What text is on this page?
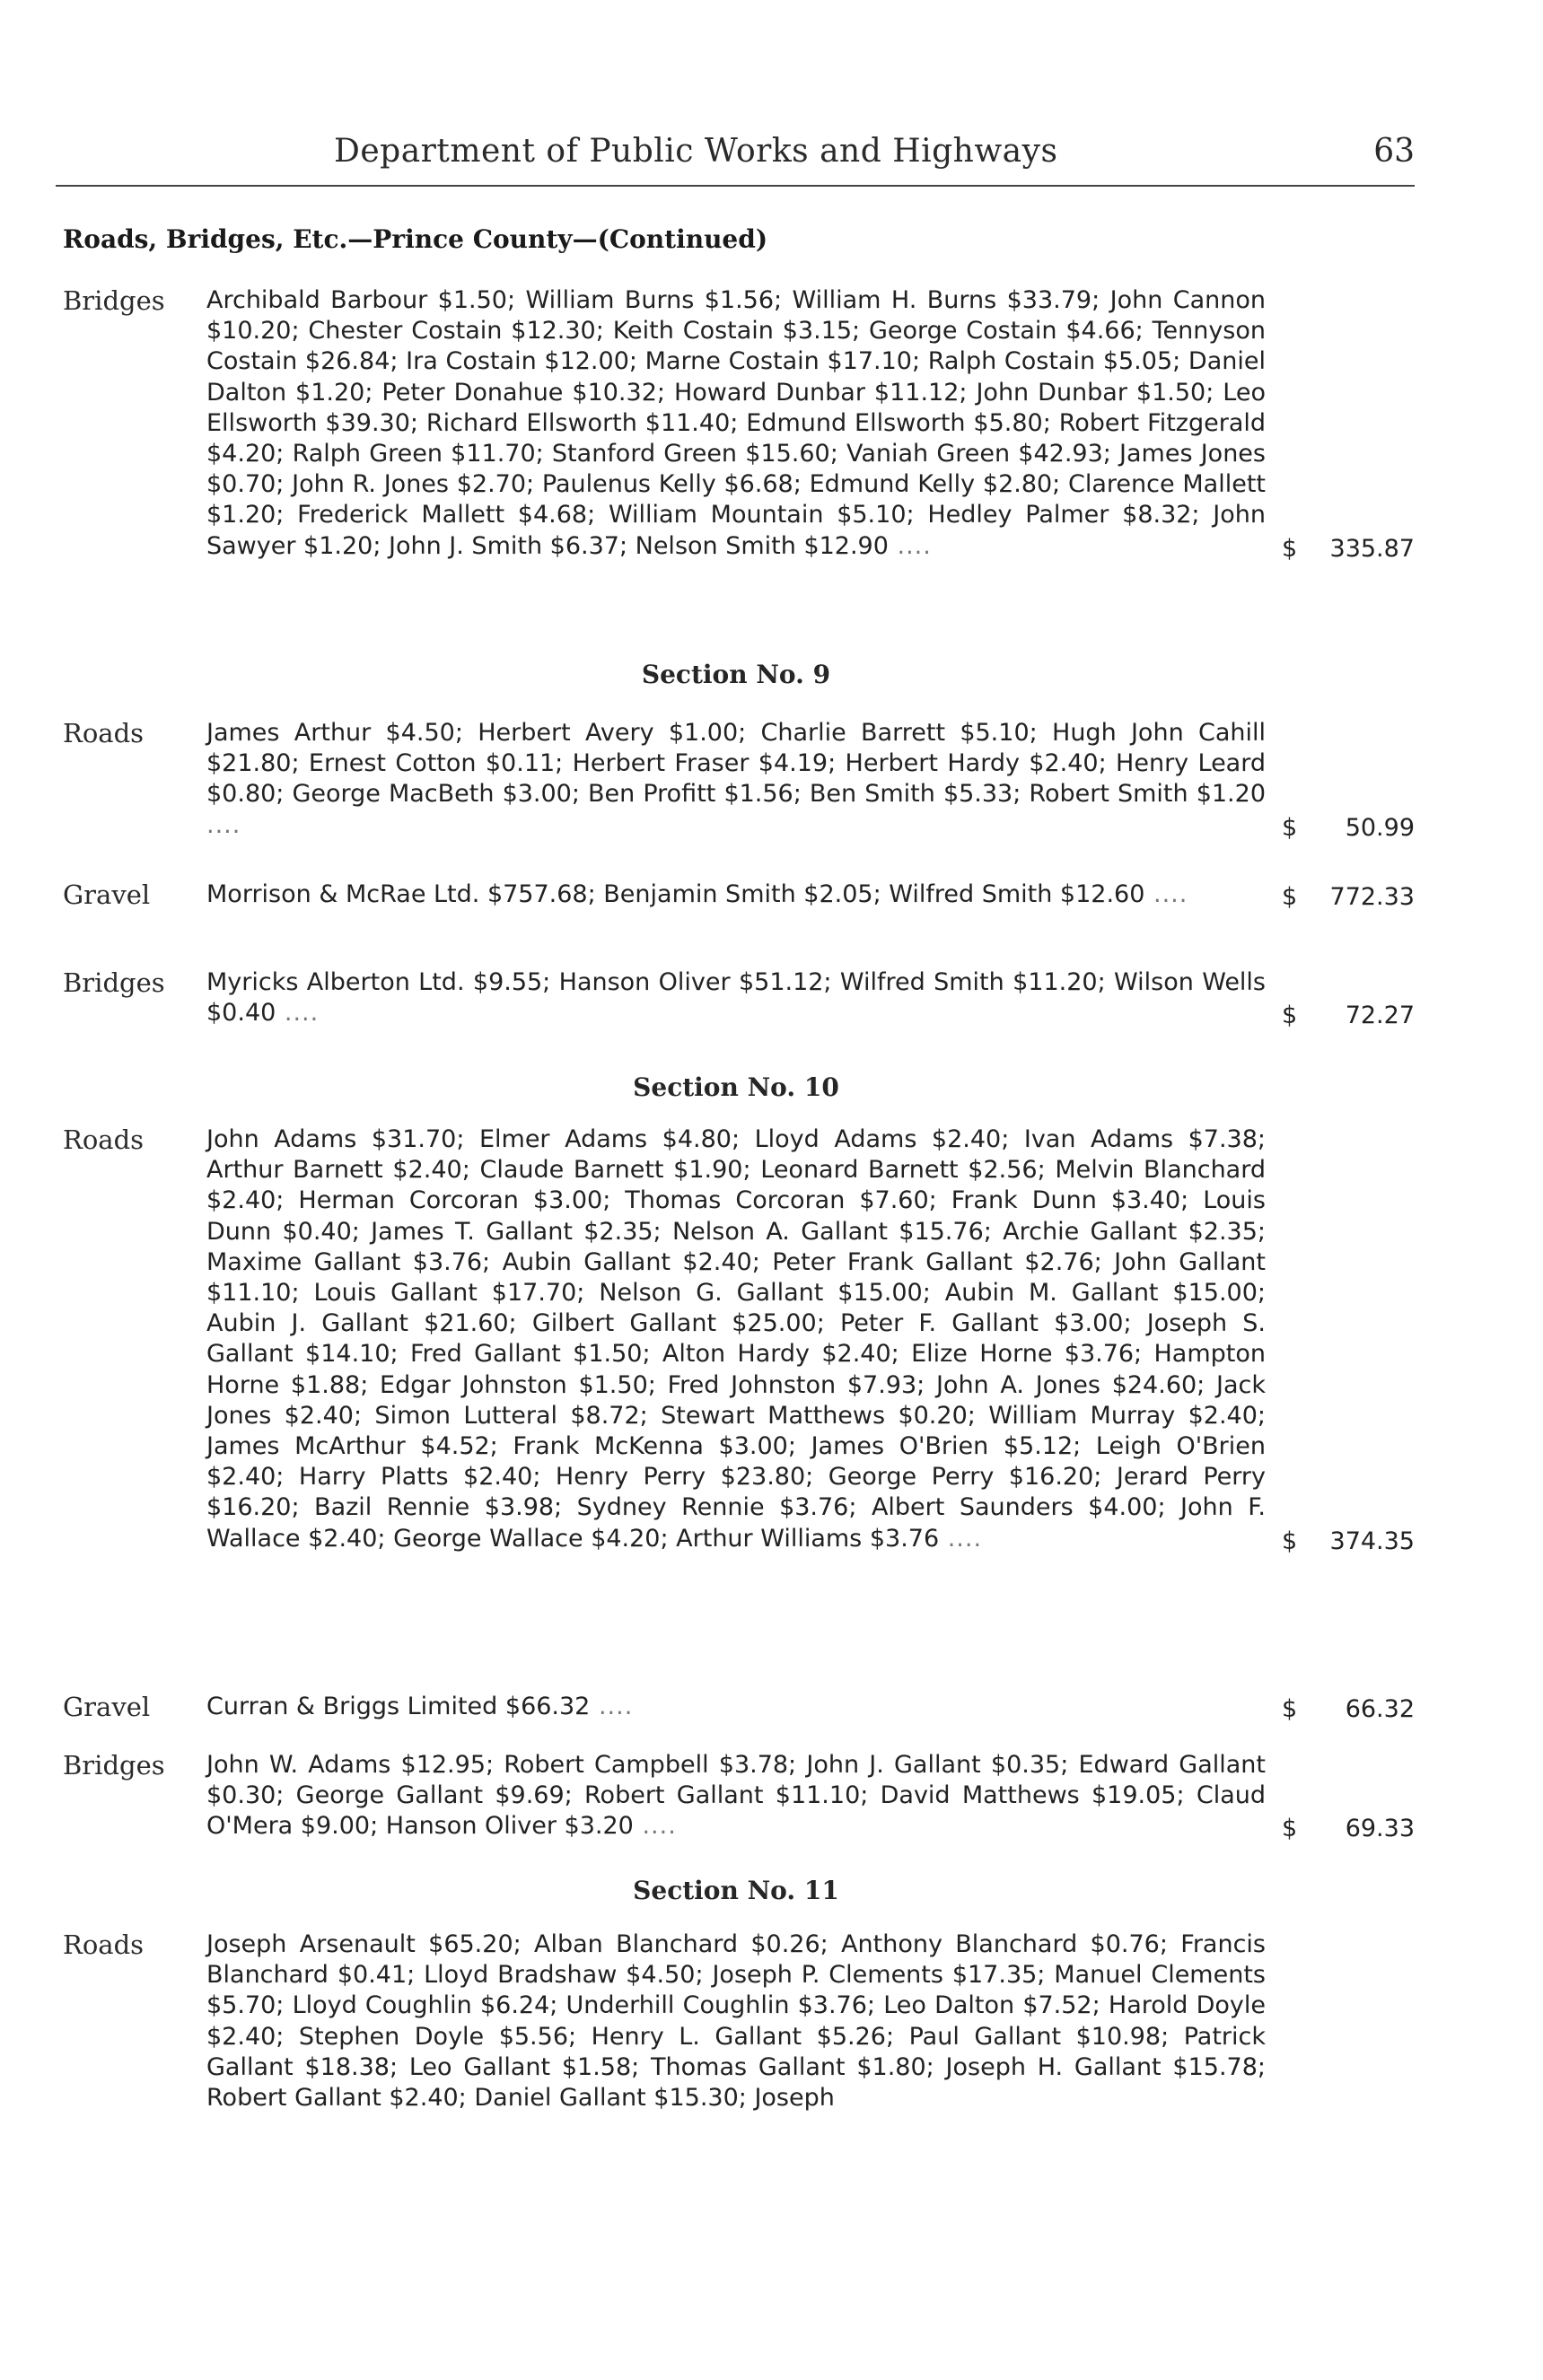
Department of Public Works and Highways	63
Roads, Bridges, Etc.—Prince County—(Continued)
Bridges Archibald Barbour $1.50; William Burns $1.56; William H. Burns $33.79; John Cannon $10.20; Chester Costain $12.30; Keith Costain $3.15; George Costain $4.66; Tennyson Costain $26.84; Ira Costain $12.00; Marne Costain $17.10; Ralph Costain $5.05; Daniel Dalton $1.20; Peter Donahue $10.32; Howard Dunbar $11.12; John Dunbar $1.50; Leo Ellsworth $39.30; Richard Ellsworth $11.40; Edmund Ellsworth $5.80; Robert Fitzgerald $4.20; Ralph Green $11.70; Stanford Green $15.60; Vaniah Green $42.93; James Jones $0.70; John R. Jones $2.70; Paulenus Kelly $6.68; Edmund Kelly $2.80; Clarence Mallett $1.20; Frederick Mallett $4.68; William Mountain $5.10; Hedley Palmer $8.32; John Sawyer $1.20; John J. Smith $6.37; Nelson Smith $12.90 ....	$ 335.87
Section No. 9
Roads	James Arthur $4.50; Herbert Avery $1.00; Charlie Barrett $5.10; Hugh John Cahill $21.80; Ernest Cotton $0.11; Herbert Fraser $4.19; Herbert Hardy $2.40; Henry Leard $0.80; George MacBeth $3.00; Ben Profitt $1.56; Ben Smith $5.33; Robert Smith $1.20 ....	$ 50.99
Gravel Morrison & McRae Ltd. $757.68; Benjamin Smith $2.05; Wilfred Smith $12.60 ....	$ 772.33
Bridges Myricks Alberton Ltd. $9.55; Hanson Oliver $51.12; Wilfred Smith $11.20; Wilson Wells $0.40 ....	$ 72.27
Section No. 10
Roads	John Adams $31.70; Elmer Adams $4.80; Lloyd Adams $2.40; Ivan Adams $7.38; Arthur Barnett $2.40; Claude Barnett $1.90; Leonard Barnett $2.56; Melvin Blanchard $2.40; Herman Corcoran $3.00; Thomas Corcoran $7.60; Frank Dunn $3.40; Louis Dunn $0.40; James T. Gallant $2.35; Nelson A. Gallant $15.76; Archie Gallant $2.35; Maxime Gallant $3.76; Aubin Gallant $2.40; Peter Frank Gallant $2.76; John Gallant $11.10; Louis Gallant $17.70; Nelson G. Gallant $15.00; Aubin M. Gallant $15.00; Aubin J. Gallant $21.60; Gilbert Gallant $25.00; Peter F. Gallant $3.00; Joseph S. Gallant $14.10; Fred Gallant $1.50; Alton Hardy $2.40; Elize Horne $3.76; Hampton Horne $1.88; Edgar Johnston $1.50; Fred Johnston $7.93; John A. Jones $24.60; Jack Jones $2.40; Simon Lutteral $8.72; Stewart Matthews $0.20; William Murray $2.40; James McArthur $4.52; Frank McKenna $3.00; James O'Brien $5.12; Leigh O'Brien $2.40; Harry Platts $2.40; Henry Perry $23.80; George Perry $16.20; Jerard Perry $16.20; Bazil Rennie $3.98; Sydney Rennie $3.76; Albert Saunders $4.00; John F. Wallace $2.40; George Wallace $4.20; Arthur Williams $3.76 ....	$ 374.35
Gravel Curran & Briggs Limited $66.32 ....	$ 66.32
Bridges John W. Adams $12.95; Robert Campbell $3.78; John J. Gallant $0.35; Edward Gallant $0.30; George Gallant $9.69; Robert Gallant $11.10; David Matthews $19.05; Claud O'Mera $9.00; Hanson Oliver $3.20 ....	$ 69.33
Section No. 11
Roads	Joseph Arsenault $65.20; Alban Blanchard $0.26; Anthony Blanchard $0.76; Francis Blanchard $0.41; Lloyd Bradshaw $4.50; Joseph P. Clements $17.35; Manuel Clements $5.70; Lloyd Coughlin $6.24; Underhill Coughlin $3.76; Leo Dalton $7.52; Harold Doyle $2.40; Stephen Doyle $5.56; Henry L. Gallant $5.26; Paul Gallant $10.98; Patrick Gallant $18.38; Leo Gallant $1.58; Thomas Gallant $1.80; Joseph H. Gallant $15.78; Robert Gallant $2.40; Daniel Gallant $15.30; Joseph
